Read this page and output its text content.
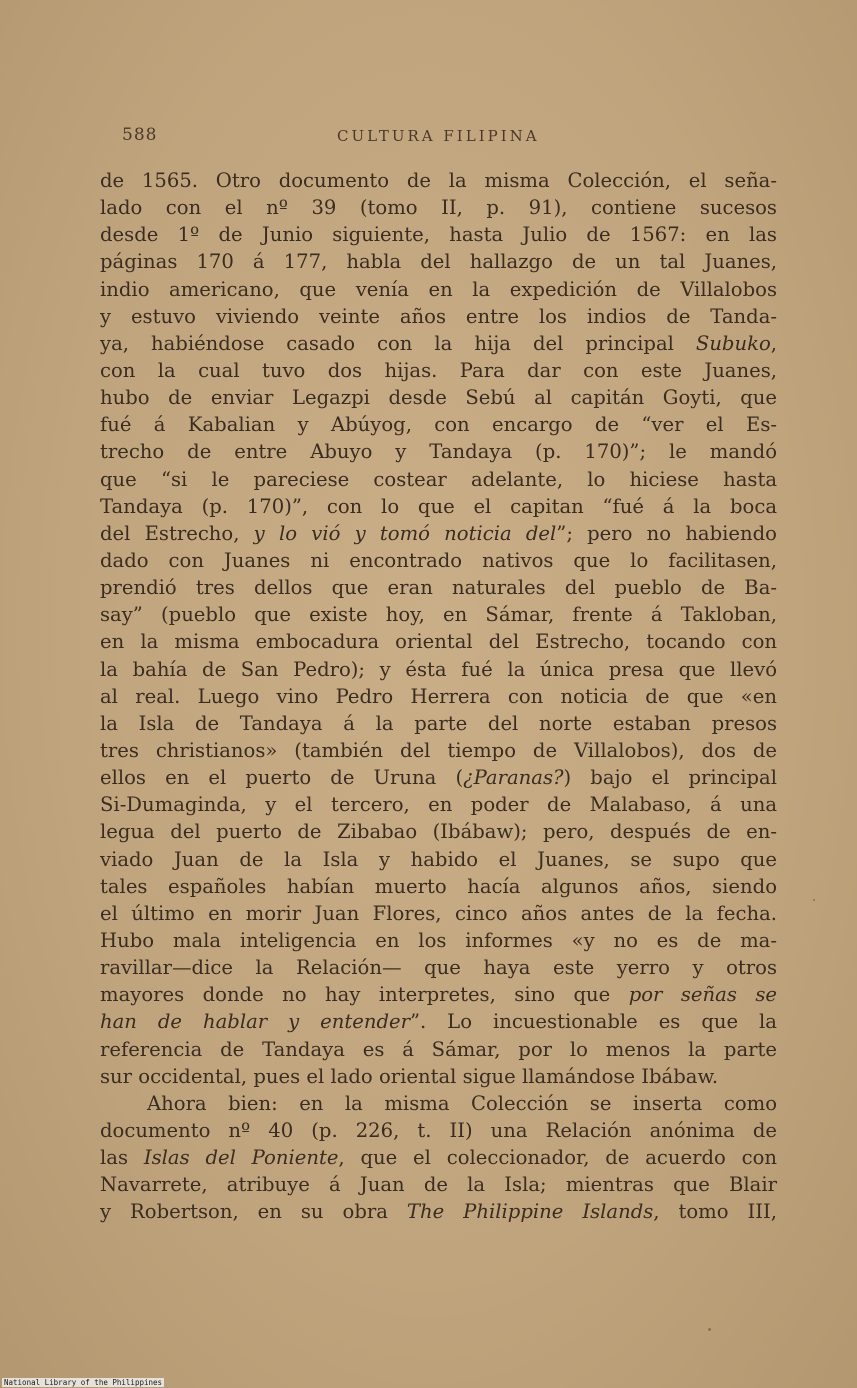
588	CULTURA FILIPINA
de 1565. Otro documento de la misma Colección, el seña-
lado con el nº 39 (tomo II, p. 91), contiene sucesos
desde 1º de Junio siguiente, hasta Julio de 1567: en las
páginas 170 á 177, habla del hallazgo de un tal Juanes,
indio americano, que venía en la expedición de Villalobos
y estuvo viviendo veinte años entre los indios de Tanda-
ya, habiéndose casado con la hija del principal Subuko,
con la cual tuvo dos hijas. Para dar con este Juanes,
hubo de enviar Legazpi desde Sebú al capitán Goyti, que
fué á Kabalian y Abúyog, con encargo de “ver el Es-
trecho de entre Abuyo y Tandaya (p. 170)”; le mandó
que “si le pareciese costear adelante, lo hiciese hasta
Tandaya (p. 170)”, con lo que el capitan “fué á la boca
del Estrecho, y lo vió y tomó noticia del”; pero no habiendo
dado con Juanes ni encontrado nativos que lo facilitasen,
prendió tres dellos que eran naturales del pueblo de Ba-
say” (pueblo que existe hoy, en Sámar, frente á Takloban,
en la misma embocadura oriental del Estrecho, tocando con
la bahía de San Pedro); y ésta fué la única presa que llevó
al real. Luego vino Pedro Herrera con noticia de que «en
la Isla de Tandaya á la parte del norte estaban presos
tres christianos» (también del tiempo de Villalobos), dos de
ellos en el puerto de Uruna (¿Paranas?) bajo el principal
Si-Dumaginda, y el tercero, en poder de Malabaso, á una
legua del puerto de Zibabao (Ibábaw); pero, después de en-
viado Juan de la Isla y habido el Juanes, se supo que
tales españoles habían muerto hacía algunos años, siendo
el último en morir Juan Flores, cinco años antes de la fecha.
Hubo mala inteligencia en los informes «y no es de ma-
ravillar—dice la Relación— que haya este yerro y otros
mayores donde no hay interpretes, sino que por señas se
han de hablar y entender”. Lo incuestionable es que la
referencia de Tandaya es á Sámar, por lo menos la parte
sur occidental, pues el lado oriental sigue llamándose Ibábaw.
Ahora bien: en la misma Colección se inserta como
documento nº 40 (p. 226, t. II) una Relación anónima de
las Islas del Poniente, que el coleccionador, de acuerdo con
Navarrete, atribuye á Juan de la Isla; mientras que Blair
y Robertson, en su obra The Philippine Islands, tomo III,
National Library of the Philippines
